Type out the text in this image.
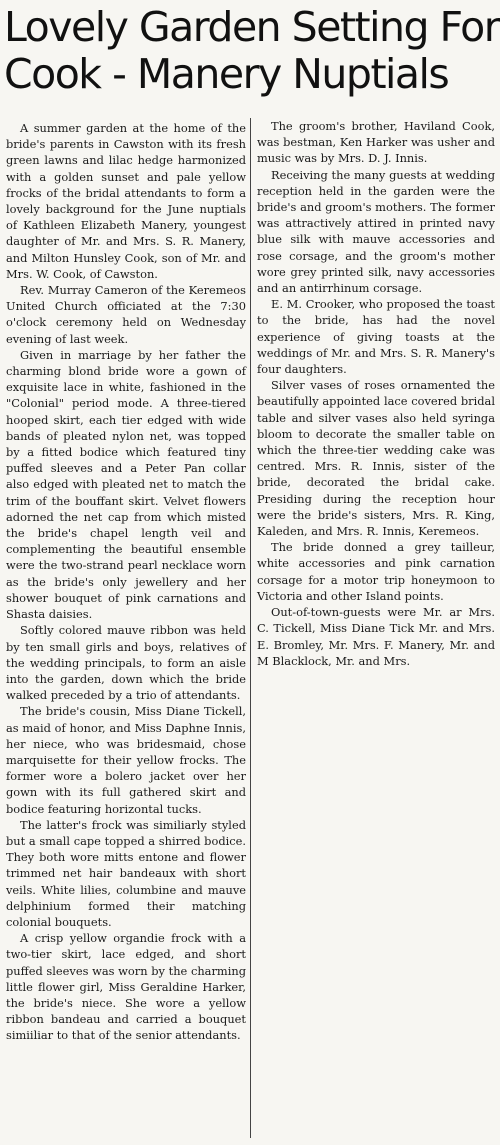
Lovely Garden Setting For
Cook - Manery Nuptials

A summer garden at the home of the bride's parents in Cawston with its fresh green lawns and lilac hedge harmonized with a golden sunset and pale yellow frocks of the bridal attendants to form a lovely background for the June nuptials of Kathleen Elizabeth Manery, youngest daughter of Mr. and Mrs. S. R. Manery, and Milton Hunsley Cook, son of Mr. and Mrs. W. Cook, of Cawston.

Rev. Murray Cameron of the Keremeos United Church officiated at the 7:30 o'clock ceremony held on Wednesday evening of last week.

Given in marriage by her father the charming blond bride wore a gown of exquisite lace in white, fashioned in the "Colonial" period mode. A three-tiered hooped skirt, each tier edged with wide bands of pleated nylon net, was topped by a fitted bodice which featured tiny puffed sleeves and a Peter Pan collar also edged with pleated net to match the trim of the bouffant skirt. Velvet flowers adorned the net cap from which misted the bride's chapel length veil and complementing the beautiful ensemble were the two-strand pearl necklace worn as the bride's only jewellery and her shower bouquet of pink carnations and Shasta daisies.

Softly colored mauve ribbon was held by ten small girls and boys, relatives of the wedding principals, to form an aisle into the garden, down which the bride walked preceded by a trio of attendants.

The bride's cousin, Miss Diane Tickell, as maid of honor, and Miss Daphne Innis, her niece, who was bridesmaid, chose marquisette for their yellow frocks. The former wore a bolero jacket over her gown with its full gathered skirt and bodice featuring horizontal tucks.

The latter's frock was similiarly styled but a small cape topped a shirred bodice. They both wore mitts entone and flower trimmed net hair bandeaux with short veils. White lilies, columbine and mauve delphinium formed their matching colonial bouquets.

A crisp yellow organdie frock with a two-tier skirt, lace edged, and short puffed sleeves was worn by the charming little flower girl, Miss Geraldine Harker, the bride's niece. She wore a yellow ribbon bandeau and carried a bouquet simiiliar to that of the senior attendants.

The groom's brother, Haviland Cook, was bestman, Ken Harker was usher and music was by Mrs. D. J. Innis.

Receiving the many guests at wedding reception held in the garden were the bride's and groom's mothers. The former was attractively attired in printed navy blue silk with mauve accessories and rose corsage, and the groom's mother wore grey printed silk, navy accessories and an antirrhinum corsage.

E. M. Crooker, who proposed the toast to the bride, has had the novel experience of giving toasts at the weddings of Mr. and Mrs. S. R. Manery's four daughters.

Silver vases of roses ornamented the beautifully appointed lace covered bridal table and silver vases also held syringa bloom to decorate the smaller table on which the three-tier wedding cake was centred. Mrs. R. Innis, sister of the bride, decorated the bridal cake. Presiding during the reception hour were the bride's sisters, Mrs. R. King, Kaleden, and Mrs. R. Innis, Keremeos.

The bride donned a grey tailleur, white accessories and pink carnation corsage for a motor trip honeymoon to Victoria and other Island points.

Out-of-town-guests were Mr. ar Mrs. C. Tickell, Miss Diane Tick Mr. and Mrs. E. Bromley, Mr. Mrs. F. Manery, Mr. and M Blacklock, Mr. and Mrs.
